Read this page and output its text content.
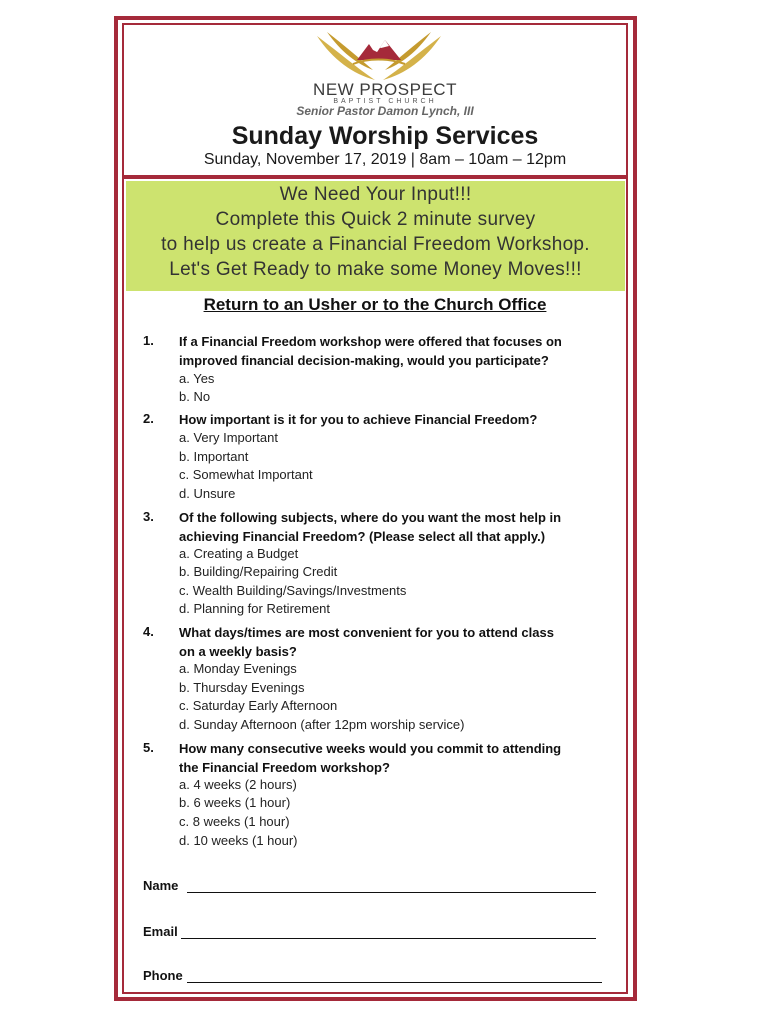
NEW PROSPECT
BAPTIST CHURCH
Senior Pastor Damon Lynch, III
Sunday Worship Services
Sunday, November 17, 2019 | 8am – 10am – 12pm
We Need Your Input!!!
Complete this Quick 2 minute survey
to help us create a Financial Freedom Workshop.
Let's Get Ready to make some Money Moves!!!
Return to an Usher or to the Church Office
1. If a Financial Freedom workshop were offered that focuses on
improved financial decision-making, would you participate?
a. Yes
b. No
2. How important is it for you to achieve Financial Freedom?
a. Very Important
b. Important
c. Somewhat Important
d. Unsure
3. Of the following subjects, where do you want the most help in
achieving Financial Freedom? (Please select all that apply.)
a. Creating a Budget
b. Building/Repairing Credit
c. Wealth Building/Savings/Investments
d. Planning for Retirement
4. What days/times are most convenient for you to attend class
on a weekly basis?
a. Monday Evenings
b. Thursday Evenings
c. Saturday Early Afternoon
d. Sunday Afternoon (after 12pm worship service)
5. How many consecutive weeks would you commit to attending
the Financial Freedom workshop?
a. 4 weeks (2 hours)
b. 6 weeks (1 hour)
c. 8 weeks (1 hour)
d. 10 weeks (1 hour)
Name
Email
Phone
